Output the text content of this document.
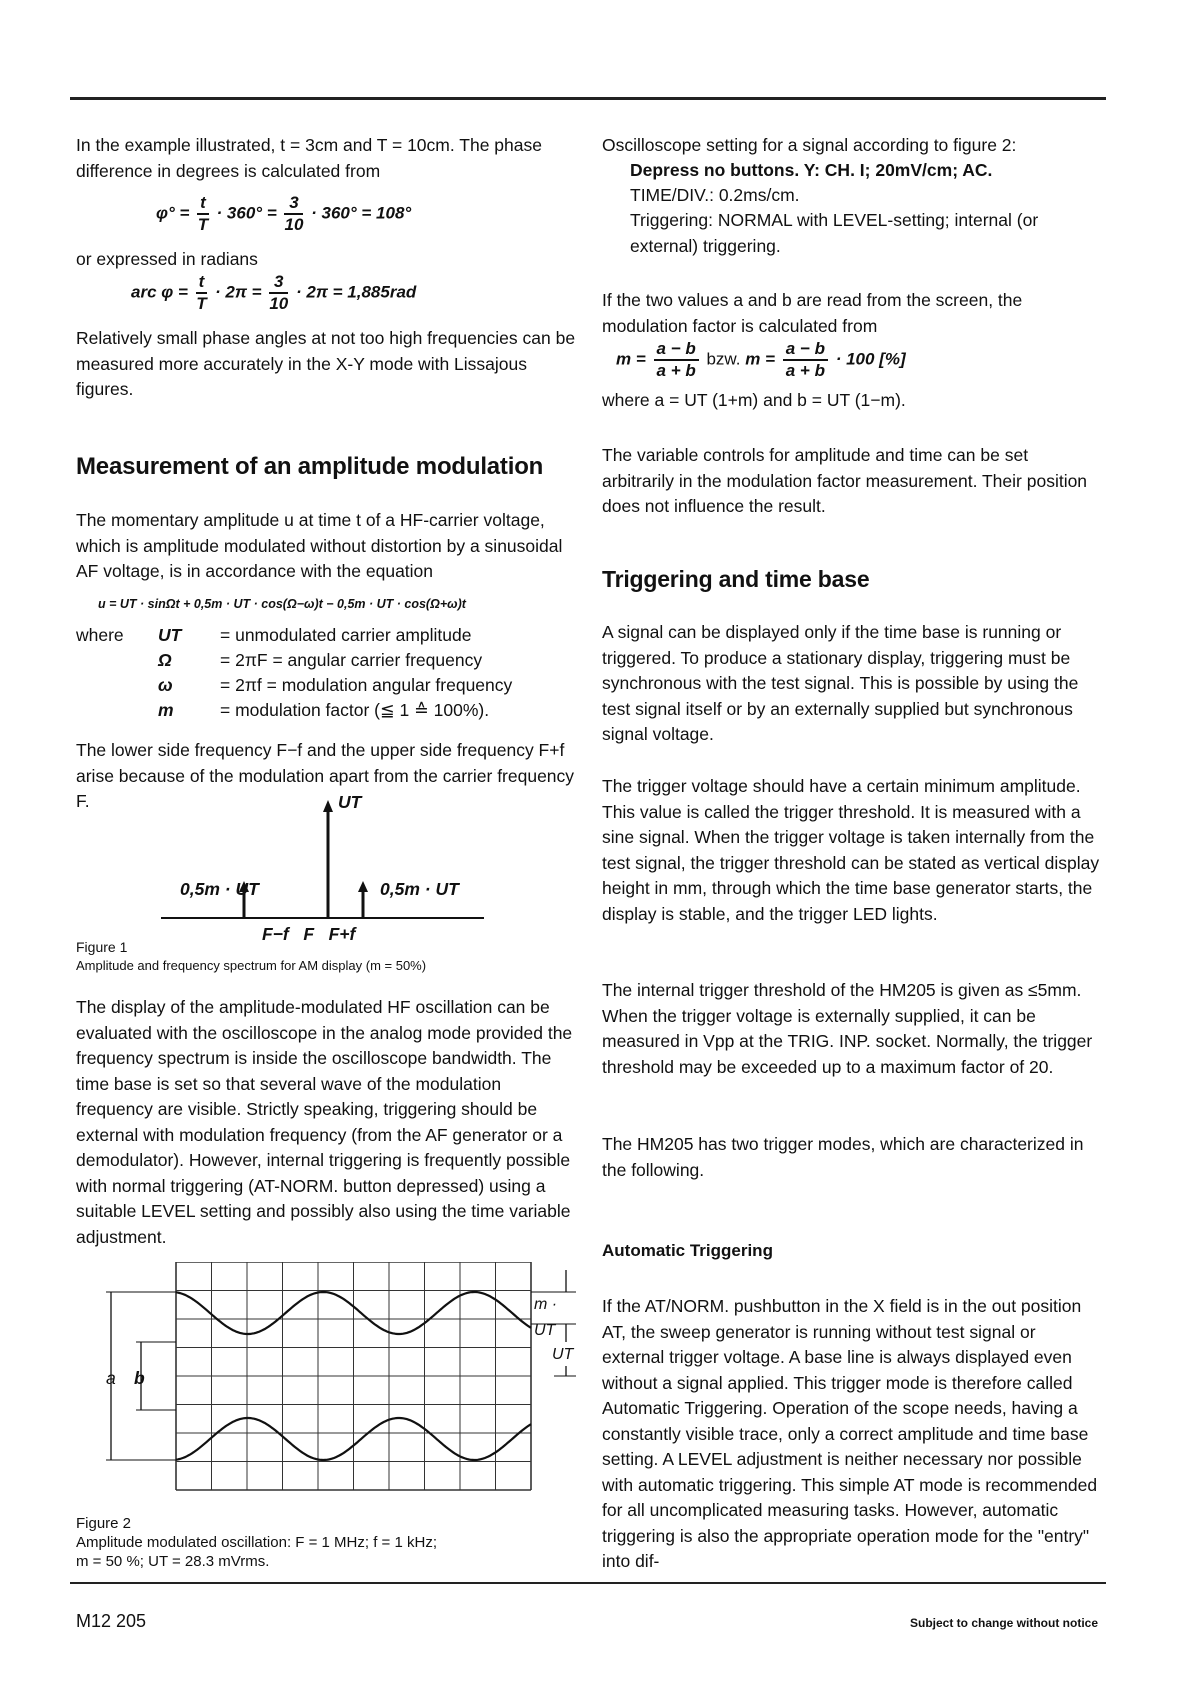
In the example illustrated, t = 3cm and T = 10cm. The phase difference in degrees is calculated from

$\varphi^\circ = \frac{t}{T} \cdot 360^\circ = \frac{3}{10} \cdot 360^\circ = 108^\circ$

or expressed in radians

arc $\varphi = \frac{t}{T} \cdot 2\pi = \frac{3}{10} \cdot 2\pi = 1,885rad$

Relatively small phase angles at not too high frequencies can be measured more accurately in the X-Y mode with Lissajous figures.

Measurement of an amplitude modulation

The momentary amplitude u at time t of a HF-carrier voltage, which is amplitude modulated without distortion by a sinusoidal AF voltage, is in accordance with the equation

u = UT · sinΩt + 0,5m · UT · cos(Ω−ω)t − 0,5m · UT · cos(Ω+ω)t
where UT	= unmodulated carrier amplitude
Ω	= 2πF = angular carrier frequency
ω	= 2πf = modulation angular frequency
m	= modulation factor (≦ 1 ≙ 100%).

The lower side frequency F−f and the upper side frequency F+f arise because of the modulation apart from the carrier frequency F.	UT
0,5m · UT	0,5m · UT
F−f   F   F+f
Figure 1
Amplitude and frequency spectrum for AM display (m = 50%)

The display of the amplitude-modulated HF oscillation can be evaluated with the oscilloscope in the analog mode provided the frequency spectrum is inside the oscilloscope bandwidth. The time base is set so that several wave of the modulation frequency are visible. Strictly speaking, triggering should be external with modulation frequency (from the AF generator or a demodulator). However, internal triggering is frequently possible with normal triggering (AT-NORM. button depressed) using a suitable LEVEL setting and possibly also using the time variable adjustment.

a b
m · UT
UT
Figure 2
Amplitude modulated oscillation: F = 1 MHz; f = 1 kHz;
m = 50 %; UT = 28.3 mVrms.

Oscilloscope setting for a signal according to figure 2:

Depress no buttons. Y: CH. I; 20mV/cm; AC.

TIME/DIV.: 0.2ms/cm.

Triggering: NORMAL with LEVEL-setting; internal (or external) triggering.

If the two values a and b are read from the screen, the modulation factor is calculated from

$m = \frac{a - b}{a + b}$ bzw. $m = \frac{a - b}{a + b} \cdot 100$ [%]

where a = UT (1+m) and b = UT (1−m).

The variable controls for amplitude and time can be set arbitrarily in the modulation factor measurement. Their position does not influence the result.

Triggering and time base

A signal can be displayed only if the time base is running or triggered. To produce a stationary display, triggering must be synchronous with the test signal. This is possible by using the test signal itself or by an externally supplied but synchronous signal voltage.

The trigger voltage should have a certain minimum amplitude. This value is called the trigger threshold. It is measured with a sine signal. When the trigger voltage is taken internally from the test signal, the trigger threshold can be stated as vertical display height in mm, through which the time base generator starts, the display is stable, and the trigger LED lights.

The internal trigger threshold of the HM205 is given as ≤5mm. When the trigger voltage is externally supplied, it can be measured in Vpp at the TRIG. INP. socket. Normally, the trigger threshold may be exceeded up to a maximum factor of 20.

The HM205 has two trigger modes, which are characterized in the following.

Automatic Triggering

If the AT/NORM. pushbutton in the X field is in the out position AT, the sweep generator is running without test signal or external trigger voltage. A base line is always displayed even without a signal applied. This trigger mode is therefore called Automatic Triggering. Operation of the scope needs, having a constantly visible trace, only a correct amplitude and time base setting. A LEVEL adjustment is neither necessary nor possible with automatic triggering. This simple AT mode is recommended for all uncomplicated measuring tasks. However, automatic triggering is also the appropriate operation mode for the "entry" into dif-

M12 205	Subject to change without notice
